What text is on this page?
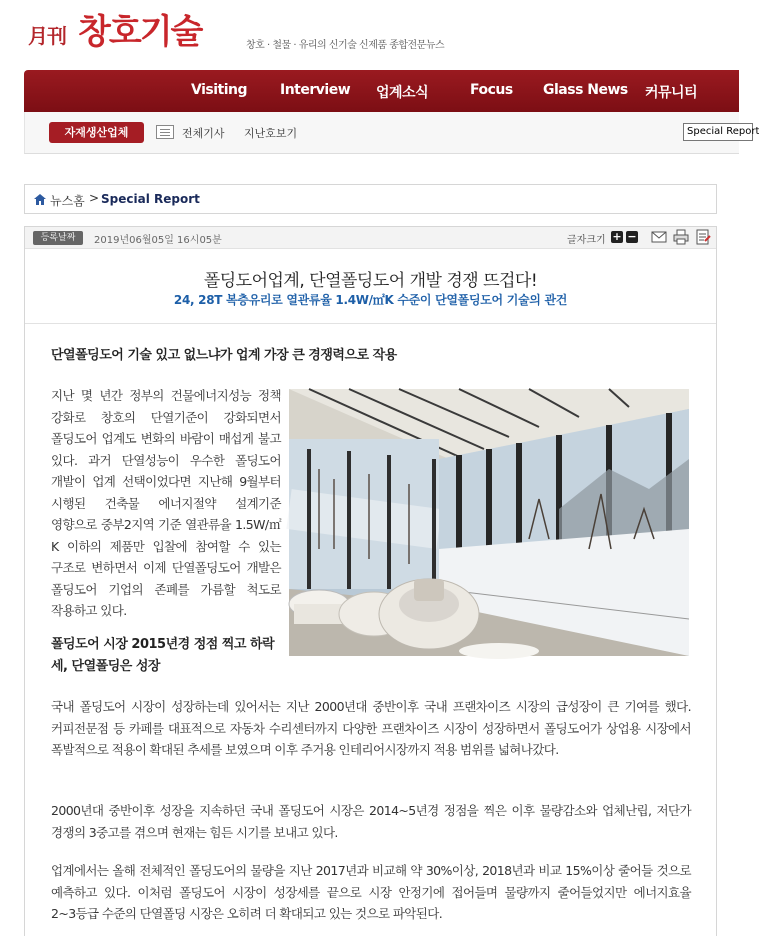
月刊 창호기술	창호 · 철물 · 유리의 신기술 신제품 종합전문뉴스
Visiting Interview 업계소식	Focus Glass News 커뮤니티
자재생산업체	전체기사 지난호보기	Special Report
뉴스홈 > Special Report
등록날짜	2019년06월05일 16시05분	글자크기 + −
폴딩도어업계, 단열폴딩도어 개발 경쟁 뜨겁다!
24, 28T 복층유리로 열관류율 1.4W/㎡K 수준이 단열폴딩도어 기술의 관건
단열폴딩도어 기술 있고 없느냐가 업계 가장 큰 경쟁력으로 작용
지난 몇 년간 정부의 건물에너지성능 정책 강화로 창호의 단열기준이 강화되면서 폴딩도어 업계도 변화의 바람이 매섭게 불고 있다. 과거 단열성능이 우수한 폴딩도어 개발이 업계 선택이었다면 지난해 9월부터 시행된 건축물 에너지절약 설계기준 영향으로 중부2지역 기준 열관류율 1.5W/㎡K 이하의 제품만 입찰에 참여할 수 있는 구조로 변하면서 이제 단열폴딩도어 개발은 폴딩도어 기업의 존폐를 가름할 척도로 작용하고 있다.
폴딩도어 시장 2015년경 정점 찍고 하락세, 단열폴딩은 성장
국내 폴딩도어 시장이 성장하는데 있어서는 지난 2000년대 중반이후 국내 프랜차이즈 시장의 급성장이 큰 기여를 했다. 커피전문점 등 카페를 대표적으로 자동차 수리센터까지 다양한 프랜차이즈 시장이 성장하면서 폴딩도어가 상업용 시장에서 폭발적으로 적용이 확대된 추세를 보였으며 이후 주거용 인테리어시장까지 적용 범위를 넓혀나갔다.
2000년대 중반이후 성장을 지속하던 국내 폴딩도어 시장은 2014~5년경 정점을 찍은 이후 물량감소와 업체난립, 저단가 경쟁의 3중고를 겪으며 현재는 힘든 시기를 보내고 있다.
업계에서는 올해 전체적인 폴딩도어의 물량을 지난 2017년과 비교해 약 30%이상, 2018년과 비교 15%이상 줄어들 것으로 예측하고 있다. 이처럼 폴딩도어 시장이 성장세를 끝으로 시장 안정기에 접어들며 물량까지 줄어들었지만 에너지효율 2~3등급 수준의 단열폴딩 시장은 오히려 더 확대되고 있는 것으로 파악된다.
